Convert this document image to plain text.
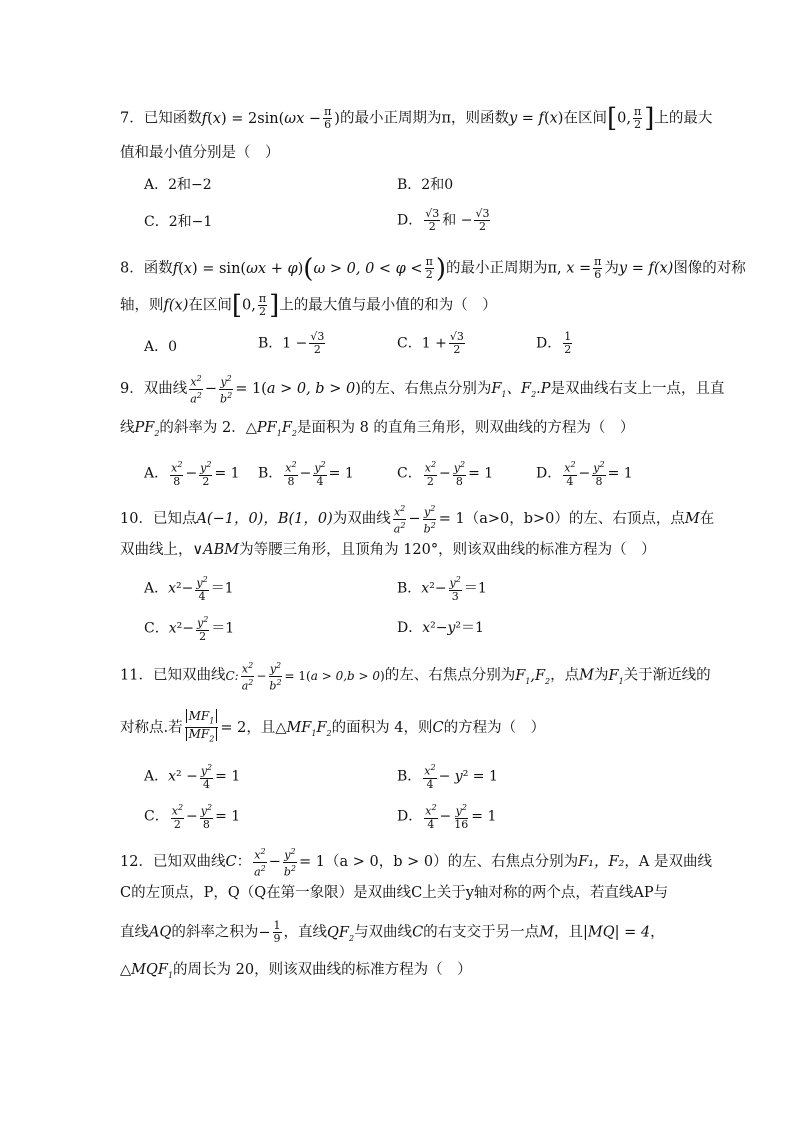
7．已知函数$f(x) = 2\sin(\omega x - \frac{\pi}{6}$ )的最小正周期为π，则函数y = f(x)在区间[0, $\frac{\pi}{2}$ ]上的最大
值和最小值分别是（　）
A．2和−2	B．2和0
C．2和−1	D． $\frac{√3}{2}$ 和 − $\frac{√3}{2}$
8．函数f(x) = sin(ωx + φ)(ω > 0, $0 < \varphi < \frac{\pi}{2}$ )的最小正周期为π, $x = \frac{\pi}{6}$ 为y = f(x)图像的对称
轴，则f(x)在区间[0, $\frac{\pi}{2}$ ]上的最大值与最小值的和为（　）
A．0	B．$1 - \frac{√3}{2}$	C．$1 + \frac{√3}{2}$	D． $\frac{1}{2}$
9．双曲线 $\frac{x^2}{a^2} - \frac{y^2}{b^2} = 1(a > 0$, b > 0)的左、右焦点分别为$F_1$、$F_2.P$是双曲线右支上一点，且直
线$PF_2$的斜率为 2．$\triangle PF_1F_2$是面积为 8 的直角三角形，则双曲线的方程为（　）
A． $\frac{x^2}{8} - \frac{y^2}{2} = 1$ B． $\frac{x^2}{8} - \frac{y^2}{4} = 1$	C． $\frac{x^2}{2} - \frac{y^2}{8} = 1$	D． $\frac{x^2}{4} - \frac{y^2}{8} = 1$
10．已知点A(−1，0)，B(1，0)为双曲线 $\frac{x^2}{a^2} - \frac{y^2}{b^2} = 1(a>0$，b>0）的左、右顶点，点M在
双曲线上，∨ABM为等腰三角形，且顶角为 120°，则该双曲线的标准方程为（　）
A．$x^2- \frac{y^2}{4} =1$	B．$x^2- \frac{y^2}{3} =1$
C．$x^2- \frac{y^2}{2} =1$	D．x²−y²＝1
11．已知双曲线C: $\frac{x^2}{a^2} - \frac{y^2}{b^2} = 1(a > 0,b > 0)$的左、右焦点分别为$F_1,F_2$，点M为$F_1$关于渐近线的
对称点.若 $\frac{MF_1}{MF_2} = 2$，且$\triangle MF_1F_2$的面积为 4，则C的方程为（　）
A．$x^2 - \frac{y^2}{4} = 1$	B． $\frac{x^2}{4} - y^2 = 1$
C． $\frac{x^2}{2} - \frac{y^2}{8} = 1$	D． $\frac{x^2}{4} - \frac{y^2}{16} = 1$
12．已知双曲线C： $\frac{x^2}{a^2} - \frac{y^2}{b^2} = 1(a > 0$，b > 0）的左、右焦点分别为F₁，F₂，A 是双曲线
C的左顶点，P，Q（Q在第一象限）是双曲线C上关于y轴对称的两个点，若直线AP与
直线AQ的斜率之积为− $\frac{1}{9}$ ，直线$QF_2$与双曲线C的右支交于另一点M，且|MQ| = 4，
$\triangle MQF_1$的周长为 20，则该双曲线的标准方程为（　）
